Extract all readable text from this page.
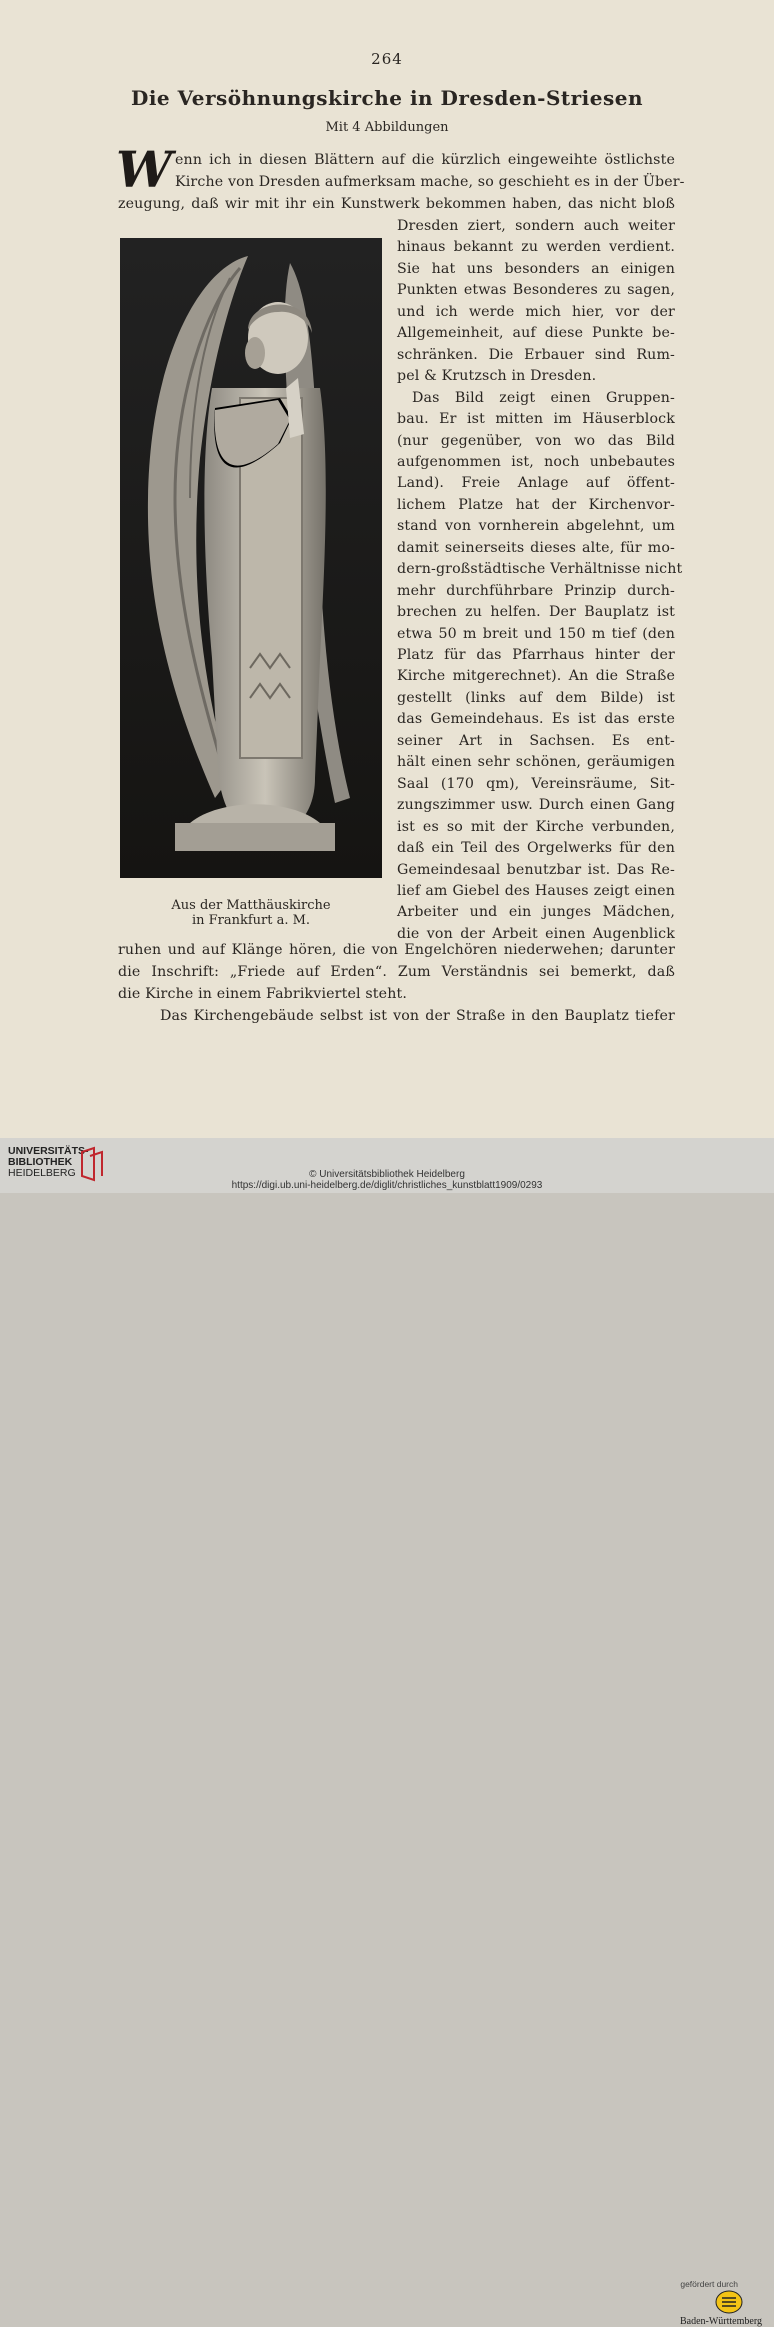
264
Die Versöhnungskirche in Dresden-Striesen
Mit 4 Abbildungen
W enn ich in diesen Blättern auf die kürzlich eingeweihte östlichste
Kirche von Dresden aufmerksam mache, so geschieht es in der Über-
zeugung, daß wir mit ihr ein Kunstwerk bekommen haben, das nicht bloß
Aus der Matthäuskirche
in Frankfurt a. M.
Dresden ziert, sondern auch weiter
hinaus bekannt zu werden verdient.
Sie hat uns besonders an einigen
Punkten etwas Besonderes zu sagen,
und ich werde mich hier, vor der
Allgemeinheit, auf diese Punkte be-
schränken. Die Erbauer sind Rum-
pel & Krutzsch in Dresden.
Das Bild zeigt einen Gruppen-
bau. Er ist mitten im Häuserblock
(nur gegenüber, von wo das Bild
aufgenommen ist, noch unbebautes
Land). Freie Anlage auf öffent-
lichem Platze hat der Kirchenvor-
stand von vornherein abgelehnt, um
damit seinerseits dieses alte, für mo-
dern-großstädtische Verhältnisse nicht
mehr durchführbare Prinzip durch-
brechen zu helfen. Der Bauplatz ist
etwa 50 m breit und 150 m tief (den
Platz für das Pfarrhaus hinter der
Kirche mitgerechnet). An die Straße
gestellt (links auf dem Bilde) ist
das Gemeindehaus. Es ist das erste
seiner Art in Sachsen. Es ent-
hält einen sehr schönen, geräumigen
Saal (170 qm), Vereinsräume, Sit-
zungszimmer usw. Durch einen Gang
ist es so mit der Kirche verbunden,
daß ein Teil des Orgelwerks für den
Gemeindesaal benutzbar ist. Das Re-
lief am Giebel des Hauses zeigt einen
Arbeiter und ein junges Mädchen,
die von der Arbeit einen Augenblick
ruhen und auf Klänge hören, die von Engelchören niederwehen; darunter
die Inschrift: „Friede auf Erden“. Zum Verständnis sei bemerkt, daß
die Kirche in einem Fabrikviertel steht.
Das Kirchengebäude selbst ist von der Straße in den Bauplatz tiefer
UNIVERSITÄTS-
BIBLIOTHEK
HEIDELBERG
gefördert durch
Baden-Württemberg
© Universitätsbibliothek Heidelberg
https://digi.ub.uni-heidelberg.de/diglit/christliches_kunstblatt1909/0293
